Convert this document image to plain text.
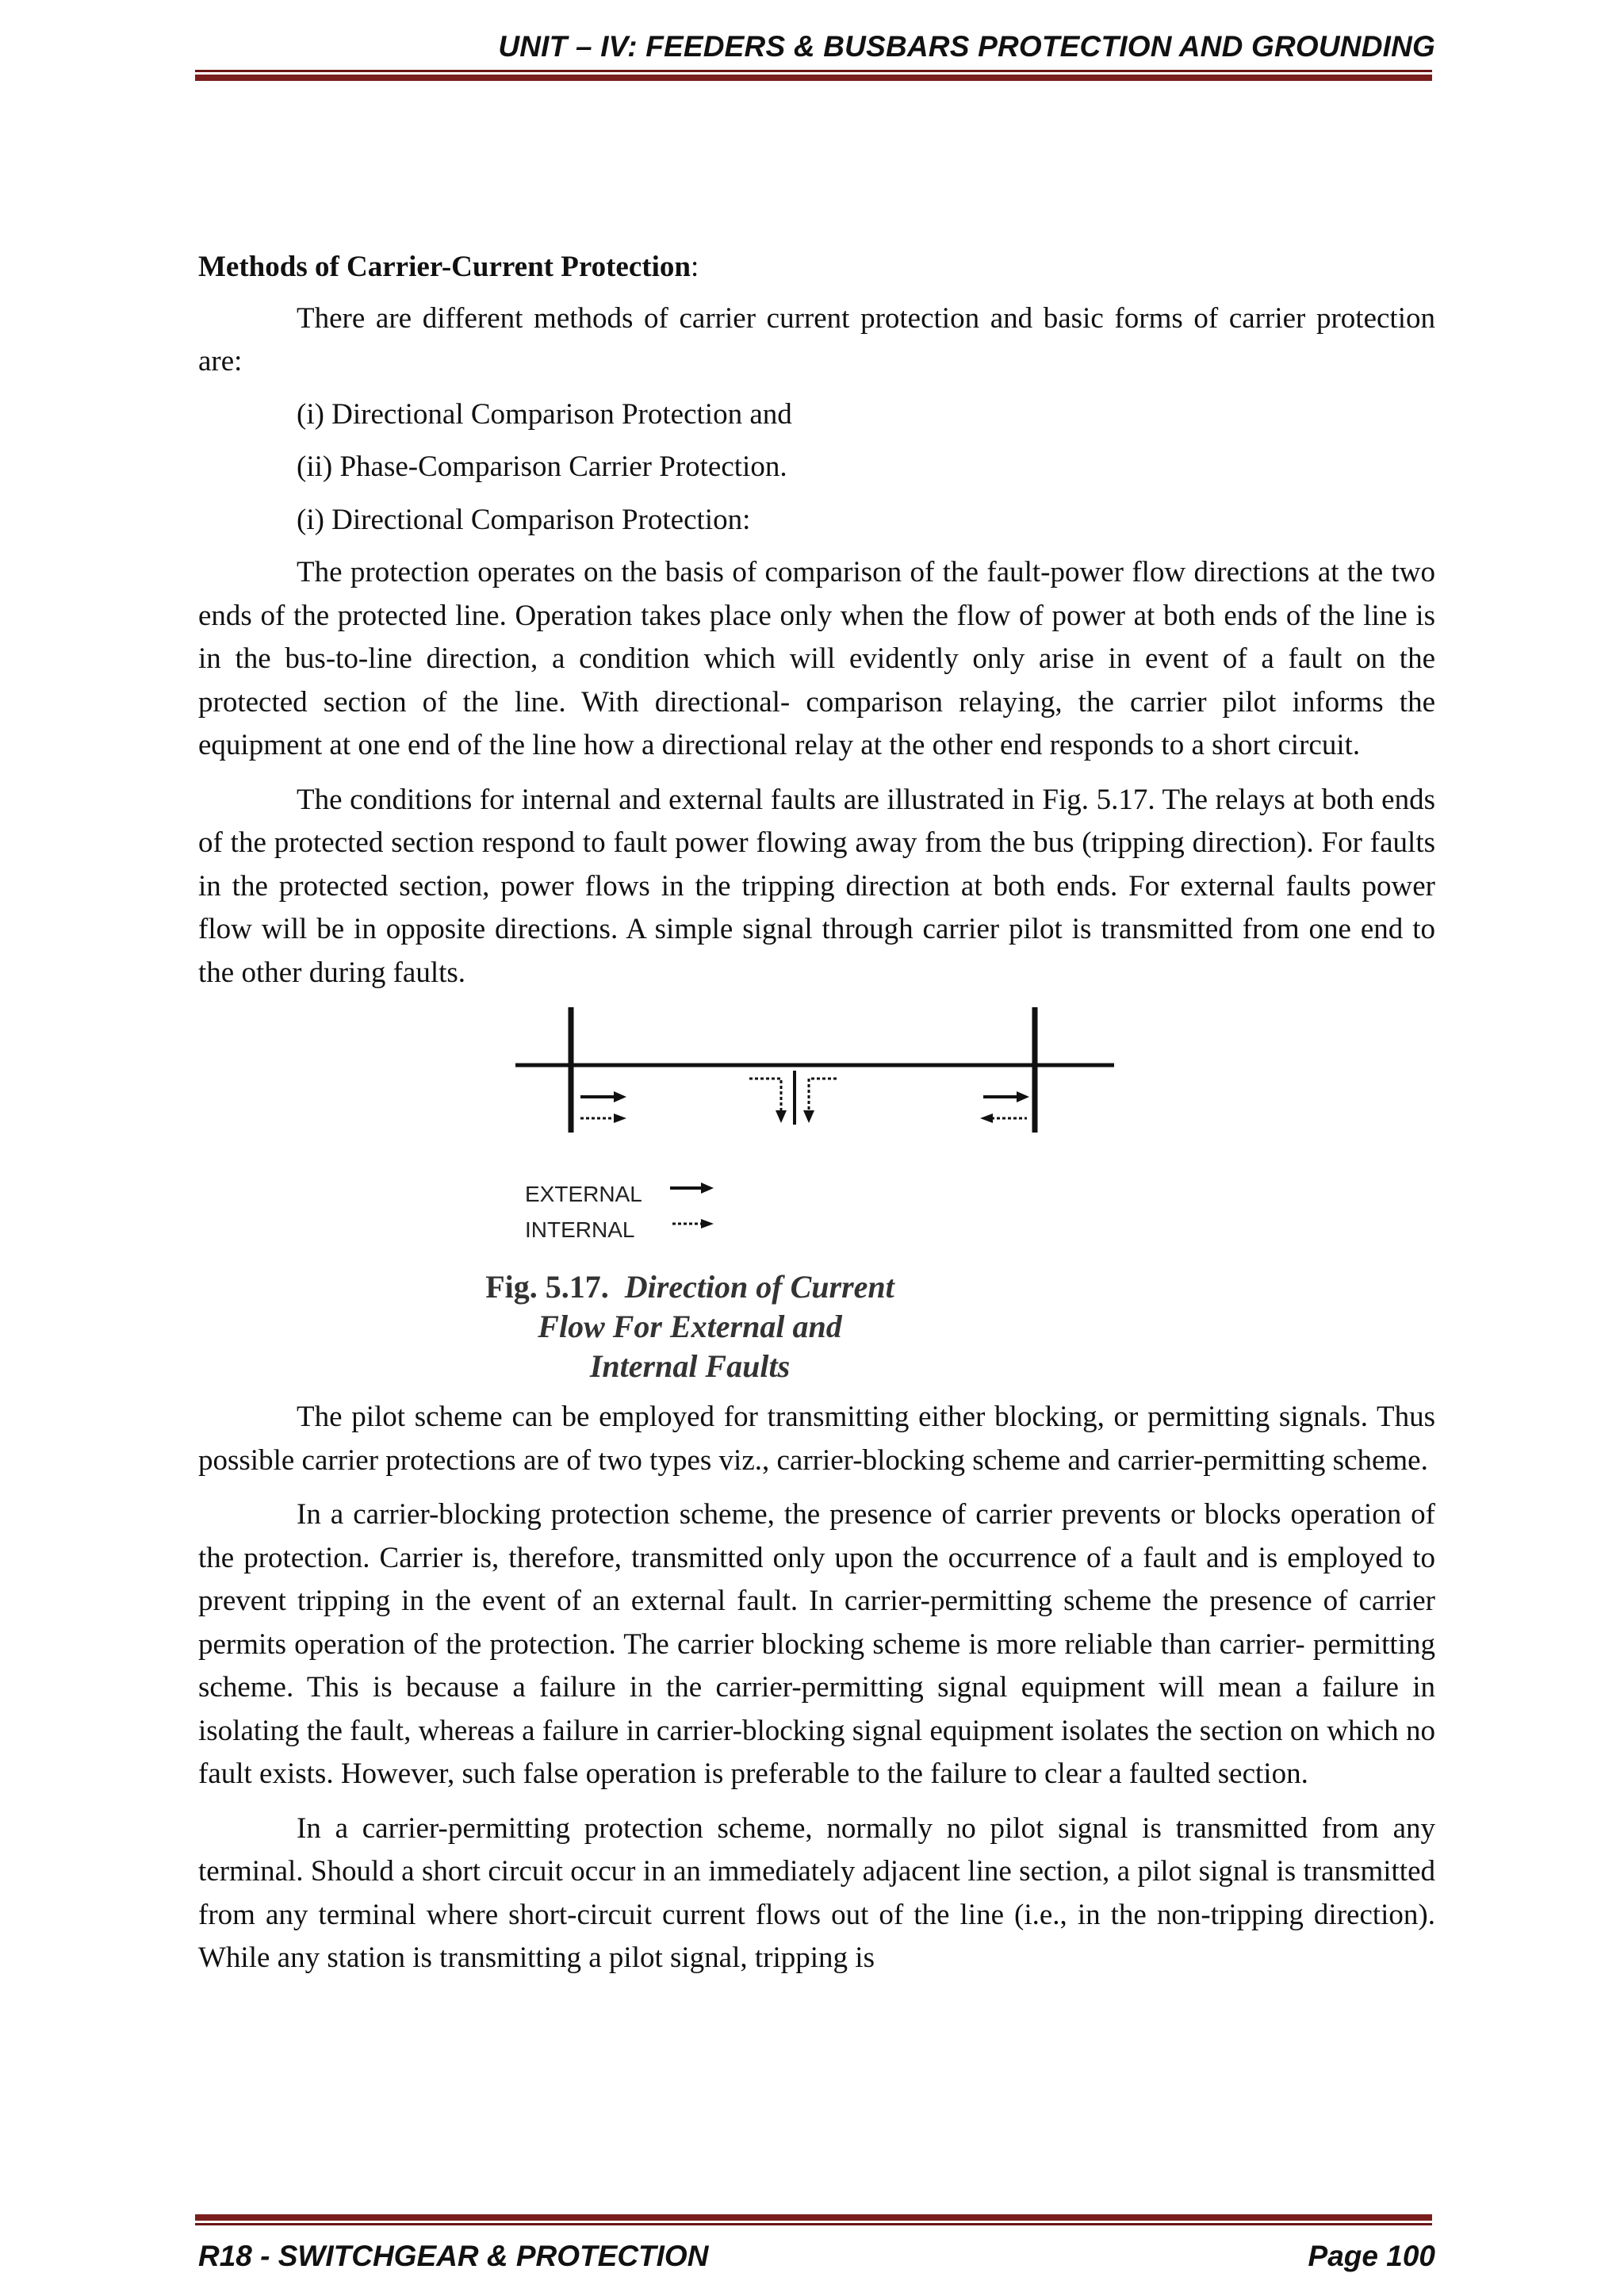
UNIT – IV: FEEDERS & BUSBARS PROTECTION AND GROUNDING

Methods of Carrier-Current Protection:

There are different methods of carrier current protection and basic forms of carrier protection are:

(i) Directional Comparison Protection and

(ii) Phase-Comparison Carrier Protection.

(i) Directional Comparison Protection:

The protection operates on the basis of comparison of the fault-power flow directions at the two ends of the protected line. Operation takes place only when the flow of power at both ends of the line is in the bus-to-line direction, a condition which will evidently only arise in event of a fault on the protected section of the line. With directional- comparison relaying, the carrier pilot informs the equipment at one end of the line how a directional relay at the other end responds to a short circuit.

The conditions for internal and external faults are illustrated in Fig. 5.17. The relays at both ends of the protected section respond to fault power flowing away from the bus (tripping direction). For faults in the protected section, power flows in the tripping direction at both ends. For external faults power flow will be in opposite directions. A simple signal through carrier pilot is transmitted from one end to the other during faults.

EXTERNAL
INTERNAL
Fig. 5.17. Direction of Current
Flow For External and
Internal Faults

The pilot scheme can be employed for transmitting either blocking, or permitting signals. Thus possible carrier protections are of two types viz., carrier-blocking scheme and carrier-permitting scheme.

In a carrier-blocking protection scheme, the presence of carrier prevents or blocks operation of the protection. Carrier is, therefore, transmitted only upon the occurrence of a fault and is employed to prevent tripping in the event of an external fault. In carrier-permitting scheme the presence of carrier permits operation of the protection. The carrier blocking scheme is more reliable than carrier- permitting scheme. This is because a failure in the carrier-permitting signal equipment will mean a failure in isolating the fault, whereas a failure in carrier-blocking signal equipment isolates the section on which no fault exists. However, such false operation is preferable to the failure to clear a faulted section.

In a carrier-permitting protection scheme, normally no pilot signal is transmitted from any terminal. Should a short circuit occur in an immediately adjacent line section, a pilot signal is transmitted from any terminal where short-circuit current flows out of the line (i.e., in the non-tripping direction). While any station is transmitting a pilot signal, tripping is

R18 - SWITCHGEAR & PROTECTION	Page 100
